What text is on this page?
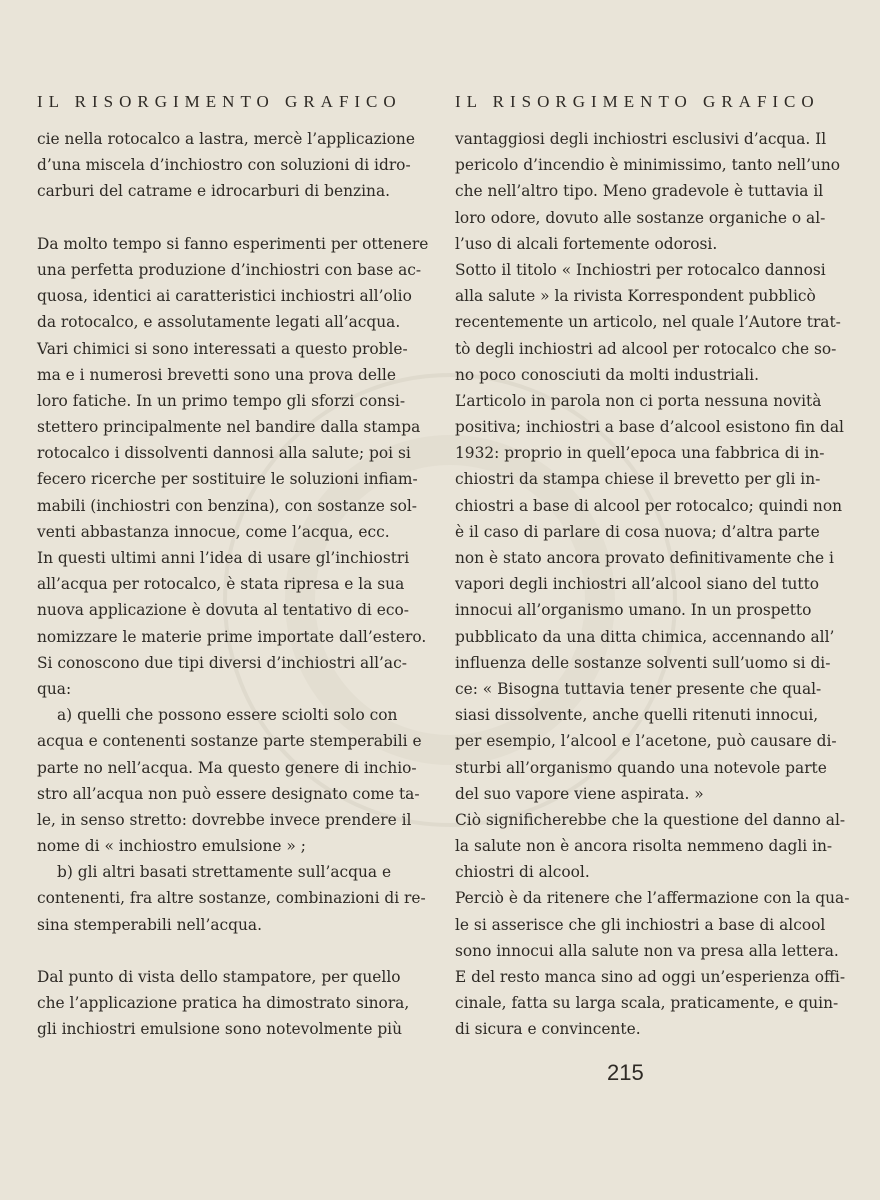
IL RISORGIMENTO GRAFICO
cie nella rotocalco a lastra, mercè l’applicazione
d’una miscela d’inchiostro con soluzioni di idro-
carburi del catrame e idrocarburi di benzina.
Da molto tempo si fanno esperimenti per ottenere
una perfetta produzione d’inchiostri con base ac-
quosa, identici ai caratteristici inchiostri all’olio
da rotocalco, e assolutamente legati all’acqua.
Vari chimici si sono interessati a questo proble-
ma e i numerosi brevetti sono una prova delle
loro fatiche. In un primo tempo gli sforzi consi-
stettero principalmente nel bandire dalla stampa
rotocalco i dissolventi dannosi alla salute; poi si
fecero ricerche per sostituire le soluzioni infiam-
mabili (inchiostri con benzina), con sostanze sol-
venti abbastanza innocue, come l’acqua, ecc.
In questi ultimi anni l’idea di usare gl’inchiostri
all’acqua per rotocalco, è stata ripresa e la sua
nuova applicazione è dovuta al tentativo di eco-
nomizzare le materie prime importate dall’estero.
Si conoscono due tipi diversi d’inchiostri all’ac-
qua:
a) quelli che possono essere sciolti solo con
acqua e contenenti sostanze parte stemperabili e
parte no nell’acqua. Ma questo genere di inchio-
stro all’acqua non può essere designato come ta-
le, in senso stretto: dovrebbe invece prendere il
nome di « inchiostro emulsione » ;
b) gli altri basati strettamente sull’acqua e
contenenti, fra altre sostanze, combinazioni di re-
sina stemperabili nell’acqua.
Dal punto di vista dello stampatore, per quello
che l’applicazione pratica ha dimostrato sinora,
gli inchiostri emulsione sono notevolmente più
IL RISORGIMENTO GRAFICO
vantaggiosi degli inchiostri esclusivi d’acqua. Il
pericolo d’incendio è minimissimo, tanto nell’uno
che nell’altro tipo. Meno gradevole è tuttavia il
loro odore, dovuto alle sostanze organiche o al-
l’uso di alcali fortemente odorosi.
Sotto il titolo « Inchiostri per rotocalco dannosi
alla salute » la rivista Korrespondent pubblicò
recentemente un articolo, nel quale l’Autore trat-
tò degli inchiostri ad alcool per rotocalco che so-
no poco conosciuti da molti industriali.
L’articolo in parola non ci porta nessuna novità
positiva; inchiostri a base d’alcool esistono fin dal
1932: proprio in quell’epoca una fabbrica di in-
chiostri da stampa chiese il brevetto per gli in-
chiostri a base di alcool per rotocalco; quindi non
è il caso di parlare di cosa nuova; d’altra parte
non è stato ancora provato definitivamente che i
vapori degli inchiostri all’alcool siano del tutto
innocui all’organismo umano. In un prospetto
pubblicato da una ditta chimica, accennando all’
influenza delle sostanze solventi sull’uomo si di-
ce: « Bisogna tuttavia tener presente che qual-
siasi dissolvente, anche quelli ritenuti innocui,
per esempio, l’alcool e l’acetone, può causare di-
sturbi all’organismo quando una notevole parte
del suo vapore viene aspirata. »
Ciò significherebbe che la questione del danno al-
la salute non è ancora risolta nemmeno dagli in-
chiostri di alcool.
Perciò è da ritenere che l’affermazione con la qua-
le si asserisce che gli inchiostri a base di alcool
sono innocui alla salute non va presa alla lettera.
E del resto manca sino ad oggi un’esperienza offi-
cinale, fatta su larga scala, praticamente, e quin-
di sicura e convincente.
215
